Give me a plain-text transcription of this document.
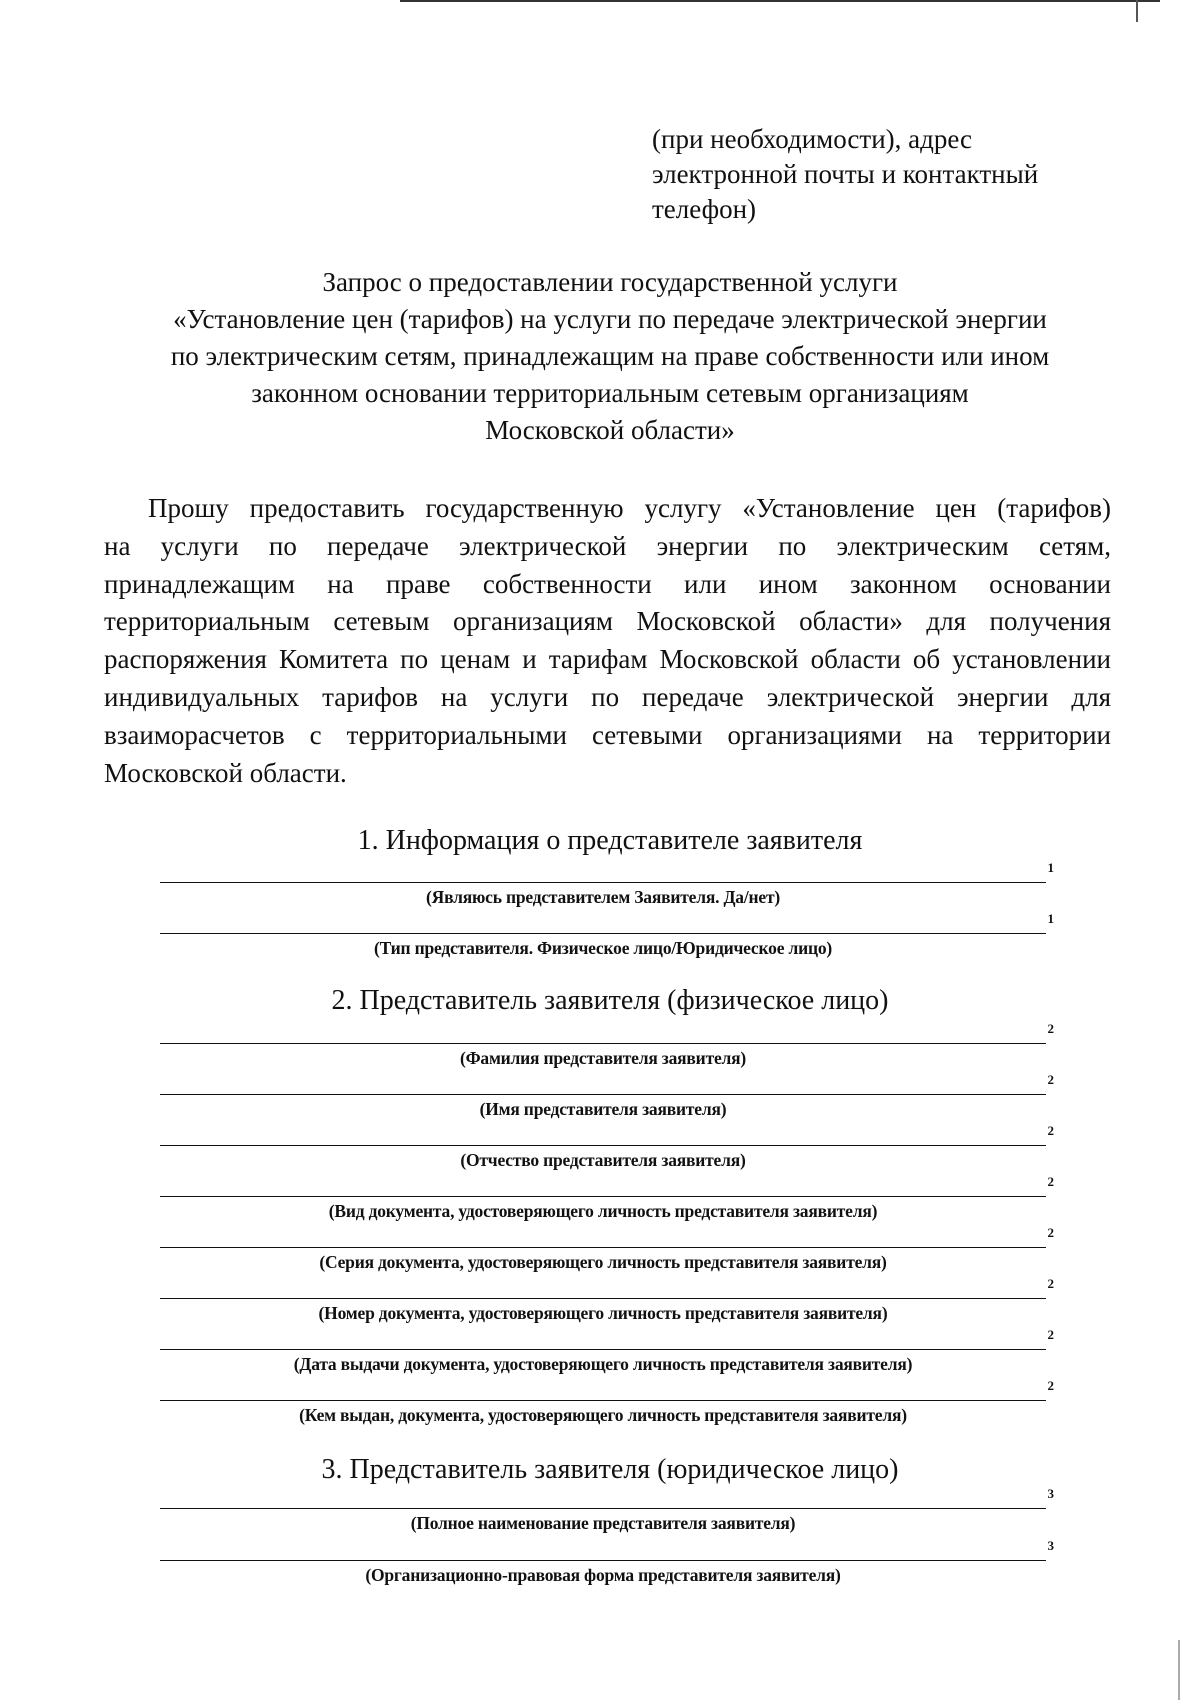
(при необходимости), адрес
электронной почты и контактный
телефон)
Запрос о предоставлении государственной услуги
«Установление цен (тарифов) на услуги по передаче электрической энергии
по электрическим сетям, принадлежащим на праве собственности или ином
законном основании территориальным сетевым организациям
Московской области»
Прошу предоставить государственную услугу «Установление цен (тарифов)
на услуги по передаче электрической энергии по электрическим сетям,
принадлежащим на праве собственности или ином законном основании
территориальным сетевым организациям Московской области» для получения
распоряжения Комитета по ценам и тарифам Московской области об установлении
индивидуальных тарифов на услуги по передаче электрической энергии для
взаиморасчетов с территориальными сетевыми организациями на территории
Московской области.
1. Информация о представителе заявителя
1
(Являюсь представителем Заявителя. Да/нет)
1
(Тип представителя. Физическое лицо/Юридическое лицо)
2. Представитель заявителя (физическое лицо)
2
(Фамилия представителя заявителя)
2
(Имя представителя заявителя)
2
(Отчество представителя заявителя)
2
(Вид документа, удостоверяющего личность представителя заявителя)
2
(Серия документа, удостоверяющего личность представителя заявителя)
2
(Номер документа, удостоверяющего личность представителя заявителя)
2
(Дата выдачи документа, удостоверяющего личность представителя заявителя)
2
(Кем выдан, документа, удостоверяющего личность представителя заявителя)
3. Представитель заявителя (юридическое лицо)
3
(Полное наименование представителя заявителя)
3
(Организационно-правовая форма представителя заявителя)
